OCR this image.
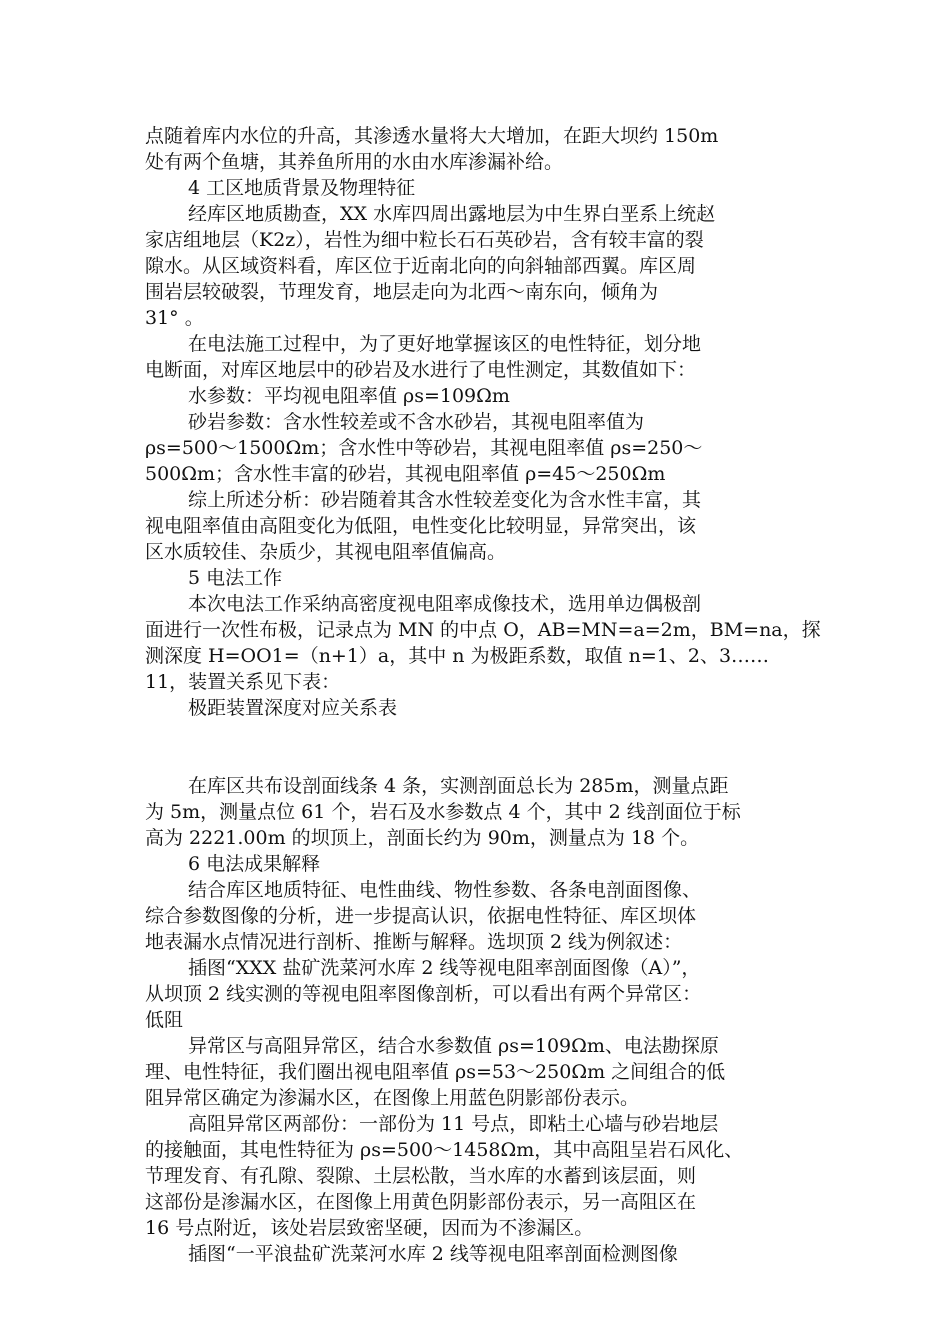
点随着库内水位的升高，其渗透水量将大大增加，在距大坝约 150m
处有两个鱼塘，其养鱼所用的水由水库渗漏补给。
4 工区地质背景及物理特征
经库区地质勘查，XX 水库四周出露地层为中生界白垩系上统赵
家店组地层（K2z），岩性为细中粒长石石英砂岩，含有较丰富的裂
隙水。从区域资料看，库区位于近南北向的向斜轴部西翼。库区周
围岩层较破裂，节理发育，地层走向为北西～南东向，倾角为
31° 。
在电法施工过程中，为了更好地掌握该区的电性特征，划分地
电断面，对库区地层中的砂岩及水进行了电性测定，其数值如下：
水参数：平均视电阻率值 ρs=109Ωm
砂岩参数：含水性较差或不含水砂岩，其视电阻率值为
ρs=500～1500Ωm；含水性中等砂岩，其视电阻率值 ρs=250～
500Ωm；含水性丰富的砂岩，其视电阻率值 ρ=45～250Ωm
综上所述分析：砂岩随着其含水性较差变化为含水性丰富，其
视电阻率值由高阻变化为低阻，电性变化比较明显，异常突出，该
区水质较佳、杂质少，其视电阻率值偏高。
5 电法工作
本次电法工作采纳高密度视电阻率成像技术，选用单边偶极剖
面进行一次性布极，记录点为 MN 的中点 O，AB=MN=a=2m，BM=na，探
测深度 H=OO1=（n+1）a，其中 n 为极距系数，取值 n=1、2、3……
11，装置关系见下表：
极距装置深度对应关系表
在库区共布设剖面线条 4 条，实测剖面总长为 285m，测量点距
为 5m，测量点位 61 个，岩石及水参数点 4 个，其中 2 线剖面位于标
高为 2221.00m 的坝顶上，剖面长约为 90m，测量点为 18 个。
6 电法成果解释
结合库区地质特征、电性曲线、物性参数、各条电剖面图像、
综合参数图像的分析，进一步提高认识，依据电性特征、库区坝体
地表漏水点情况进行剖析、推断与解释。选坝顶 2 线为例叙述：
插图“XXX 盐矿洗菜河水库 2 线等视电阻率剖面图像（A）”，
从坝顶 2 线实测的等视电阻率图像剖析，可以看出有两个异常区：
低阻
异常区与高阻异常区，结合水参数值 ρs=109Ωm、电法勘探原
理、电性特征，我们圈出视电阻率值 ρs=53～250Ωm 之间组合的低
阻异常区确定为渗漏水区，在图像上用蓝色阴影部份表示。
高阻异常区两部份：一部份为 11 号点，即粘土心墙与砂岩地层
的接触面，其电性特征为 ρs=500～1458Ωm，其中高阻呈岩石风化、
节理发育、有孔隙、裂隙、土层松散，当水库的水蓄到该层面，则
这部份是渗漏水区，在图像上用黄色阴影部份表示，另一高阻区在
16 号点附近，该处岩层致密坚硬，因而为不渗漏区。
插图“一平浪盐矿洗菜河水库 2 线等视电阻率剖面检测图像
